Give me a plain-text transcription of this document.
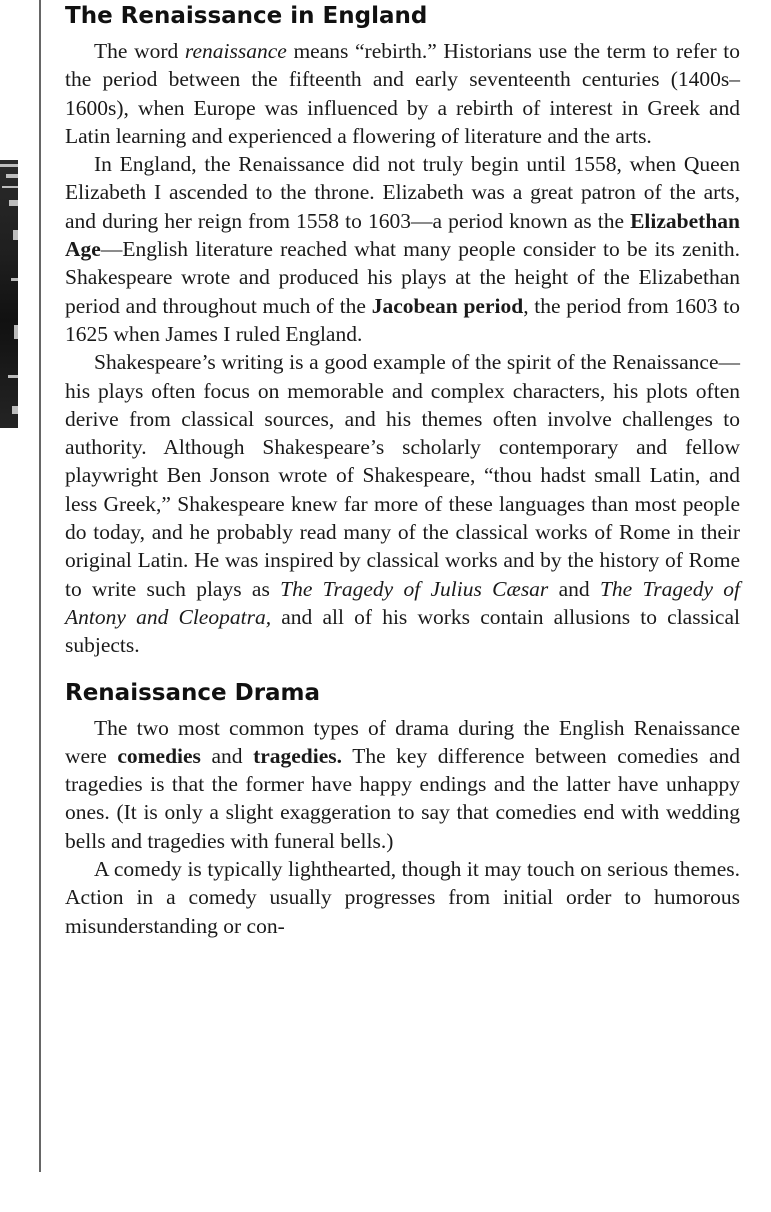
The Renaissance in England

The word renaissance means “rebirth.” Historians use the term to refer to the period between the fifteenth and early seventeenth centuries (1400s–1600s), when Europe was influenced by a rebirth of interest in Greek and Latin learning and experienced a flowering of literature and the arts.

In England, the Renaissance did not truly begin until 1558, when Queen Elizabeth I ascended to the throne. Elizabeth was a great patron of the arts, and during her reign from 1558 to 1603—a period known as the Elizabethan Age—English literature reached what many people consider to be its zenith. Shakespeare wrote and produced his plays at the height of the Elizabethan period and throughout much of the Jacobean period, the period from 1603 to 1625 when James I ruled England.

Shakespeare’s writing is a good example of the spirit of the Renaissance—his plays often focus on memorable and complex characters, his plots often derive from classical sources, and his themes often involve challenges to authority. Although Shakespeare’s scholarly contemporary and fellow playwright Ben Jonson wrote of Shakespeare, “thou hadst small Latin, and less Greek,” Shakespeare knew far more of these languages than most people do today, and he probably read many of the classical works of Rome in their original Latin. He was inspired by classical works and by the history of Rome to write such plays as The Tragedy of Julius Cæsar and The Tragedy of Antony and Cleopatra, and all of his works contain allusions to classical subjects.

Renaissance Drama

The two most common types of drama during the English Renaissance were comedies and tragedies. The key difference between comedies and tragedies is that the former have happy endings and the latter have unhappy ones. (It is only a slight exaggeration to say that comedies end with wedding bells and tragedies with funeral bells.)

A comedy is typically lighthearted, though it may touch on serious themes. Action in a comedy usually progresses from initial order to humorous misunderstanding or con-
